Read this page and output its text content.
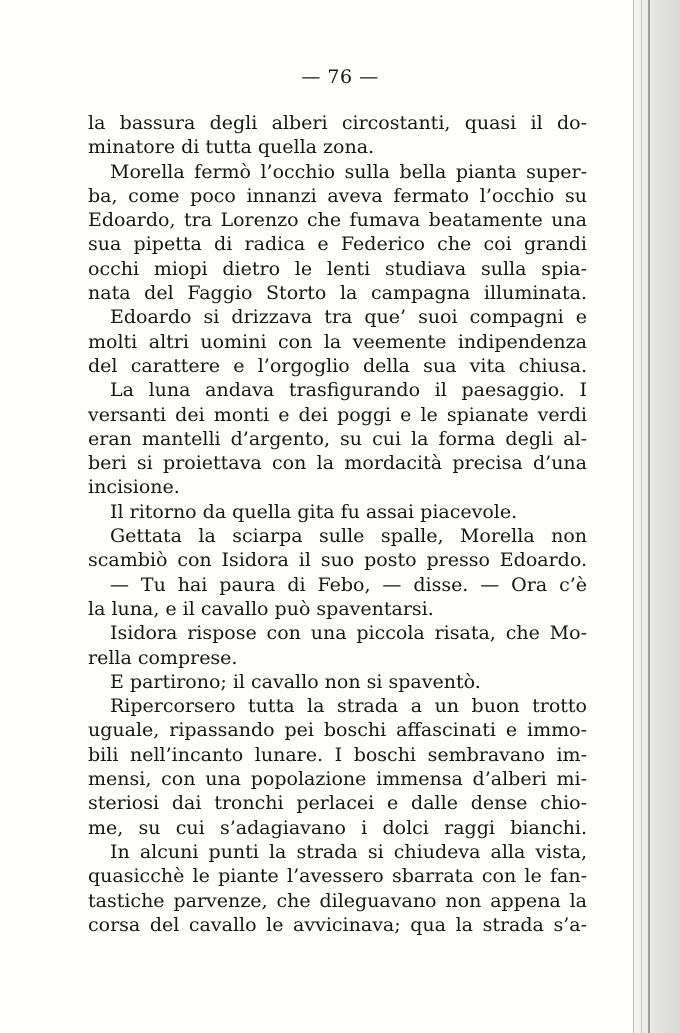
— 76 —
la bassura degli alberi circostanti, quasi il do-
minatore di tutta quella zona.
Morella fermò l’occhio sulla bella pianta super-
ba, come poco innanzi aveva fermato l’occhio su
Edoardo, tra Lorenzo che fumava beatamente una
sua pipetta di radica e Federico che coi grandi
occhi miopi dietro le lenti studiava sulla spia-
nata del Faggio Storto la campagna illuminata.
Edoardo si drizzava tra que’ suoi compagni e
molti altri uomini con la veemente indipendenza
del carattere e l’orgoglio della sua vita chiusa.
La luna andava trasfigurando il paesaggio. I
versanti dei monti e dei poggi e le spianate verdi
eran mantelli d’argento, su cui la forma degli al-
beri si proiettava con la mordacità precisa d’una
incisione.
Il ritorno da quella gita fu assai piacevole.
Gettata la sciarpa sulle spalle, Morella non
scambiò con Isidora il suo posto presso Edoardo.
— Tu hai paura di Febo, — disse. — Ora c’è
la luna, e il cavallo può spaventarsi.
Isidora rispose con una piccola risata, che Mo-
rella comprese.
E partirono; il cavallo non si spaventò.
Ripercorsero tutta la strada a un buon trotto
uguale, ripassando pei boschi affascinati e immo-
bili nell’incanto lunare. I boschi sembravano im-
mensi, con una popolazione immensa d’alberi mi-
steriosi dai tronchi perlacei e dalle dense chio-
me, su cui s’adagiavano i dolci raggi bianchi.
In alcuni punti la strada si chiudeva alla vista,
quasicchè le piante l’avessero sbarrata con le fan-
tastiche parvenze, che dileguavano non appena la
corsa del cavallo le avvicinava; qua la strada s’a-
